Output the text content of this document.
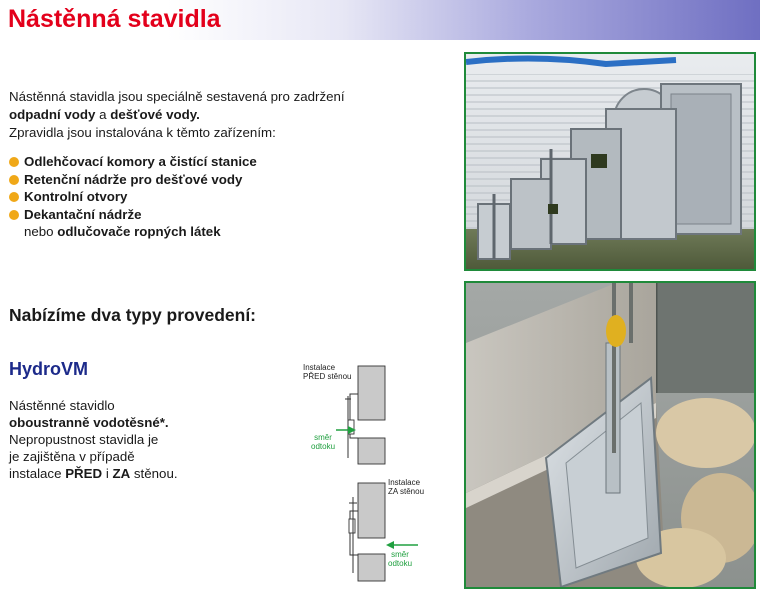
Nástěnná stavidla
Nástěnná stavidla jsou speciálně sestavená pro zadržení
odpadní vody a dešťové vody.
Zpravidla jsou instalována k těmto zařízením:
Odlehčovací komory a čistící stanice
Retenční nádrže pro dešťové vody
Kontrolní otvory
Dekantační nádrže
nebo odlučovače ropných látek
Nabízíme dva typy provedení:
HydroVM
Nástěnné stavidlo
oboustranně vodotěsné*.
Nepropustnost stavidla je
je zajištěna v případě
instalace PŘED i ZA stěnou.
Instalace
PŘED stěnou
směr
odtoku
Instalace
ZA stěnou
směr
odtoku
